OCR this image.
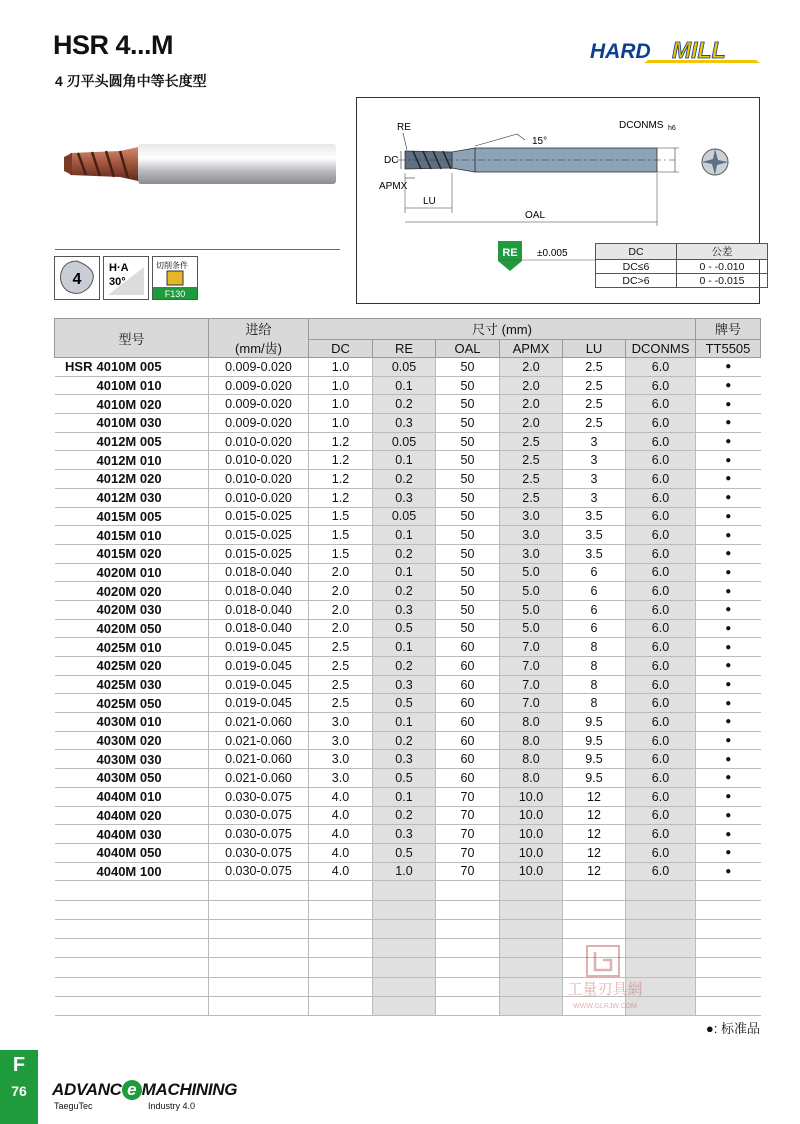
HSR 4...M
4 刃平头圆角中等长度型
HARD MILL
4
H·A
30°
切削条件
F130
RE
DC
APMX
15°
DCONMS h6
LU
OAL
RE ±0.005	DC	公差
DC≤6	0 - -0.010
DC>6	0 - -0.015
型号	进给
(mm/齿)	尺寸 (mm)						牌号
		DC	RE	OAL	APMX	LU	DCONMS	TT5505
HSR 4010M 005	0.009-0.020	1.0	0.05	50	2.0	2.5	6.0	●
4010M 010	0.009-0.020	1.0	0.1	50	2.0	2.5	6.0	●
4010M 020	0.009-0.020	1.0	0.2	50	2.0	2.5	6.0	●
4010M 030	0.009-0.020	1.0	0.3	50	2.0	2.5	6.0	●
4012M 005	0.010-0.020	1.2	0.05	50	2.5	3	6.0	●
4012M 010	0.010-0.020	1.2	0.1	50	2.5	3	6.0	●
4012M 020	0.010-0.020	1.2	0.2	50	2.5	3	6.0	●
4012M 030	0.010-0.020	1.2	0.3	50	2.5	3	6.0	●
4015M 005	0.015-0.025	1.5	0.05	50	3.0	3.5	6.0	●
4015M 010	0.015-0.025	1.5	0.1	50	3.0	3.5	6.0	●
4015M 020	0.015-0.025	1.5	0.2	50	3.0	3.5	6.0	●
4020M 010	0.018-0.040	2.0	0.1	50	5.0	6	6.0	●
4020M 020	0.018-0.040	2.0	0.2	50	5.0	6	6.0	●
4020M 030	0.018-0.040	2.0	0.3	50	5.0	6	6.0	●
4020M 050	0.018-0.040	2.0	0.5	50	5.0	6	6.0	●
4025M 010	0.019-0.045	2.5	0.1	60	7.0	8	6.0	●
4025M 020	0.019-0.045	2.5	0.2	60	7.0	8	6.0	●
4025M 030	0.019-0.045	2.5	0.3	60	7.0	8	6.0	●
4025M 050	0.019-0.045	2.5	0.5	60	7.0	8	6.0	●
4030M 010	0.021-0.060	3.0	0.1	60	8.0	9.5	6.0	●
4030M 020	0.021-0.060	3.0	0.2	60	8.0	9.5	6.0	●
4030M 030	0.021-0.060	3.0	0.3	60	8.0	9.5	6.0	●
4030M 050	0.021-0.060	3.0	0.5	60	8.0	9.5	6.0	●
4040M 010	0.030-0.075	4.0	0.1	70	10.0	12	6.0	●
4040M 020	0.030-0.075	4.0	0.2	70	10.0	12	6.0	●
4040M 030	0.030-0.075	4.0	0.3	70	10.0	12	6.0	●
4040M 050	0.030-0.075	4.0	0.5	70	10.0	12	6.0	●
4040M 100	0.030-0.075	4.0	1.0	70	10.0	12	6.0	●

●: 标准品
工量刃具網
WWW.GLRJW.COM
F
76	ADVANC e MACHINING
TaeguTec	Industry 4.0
